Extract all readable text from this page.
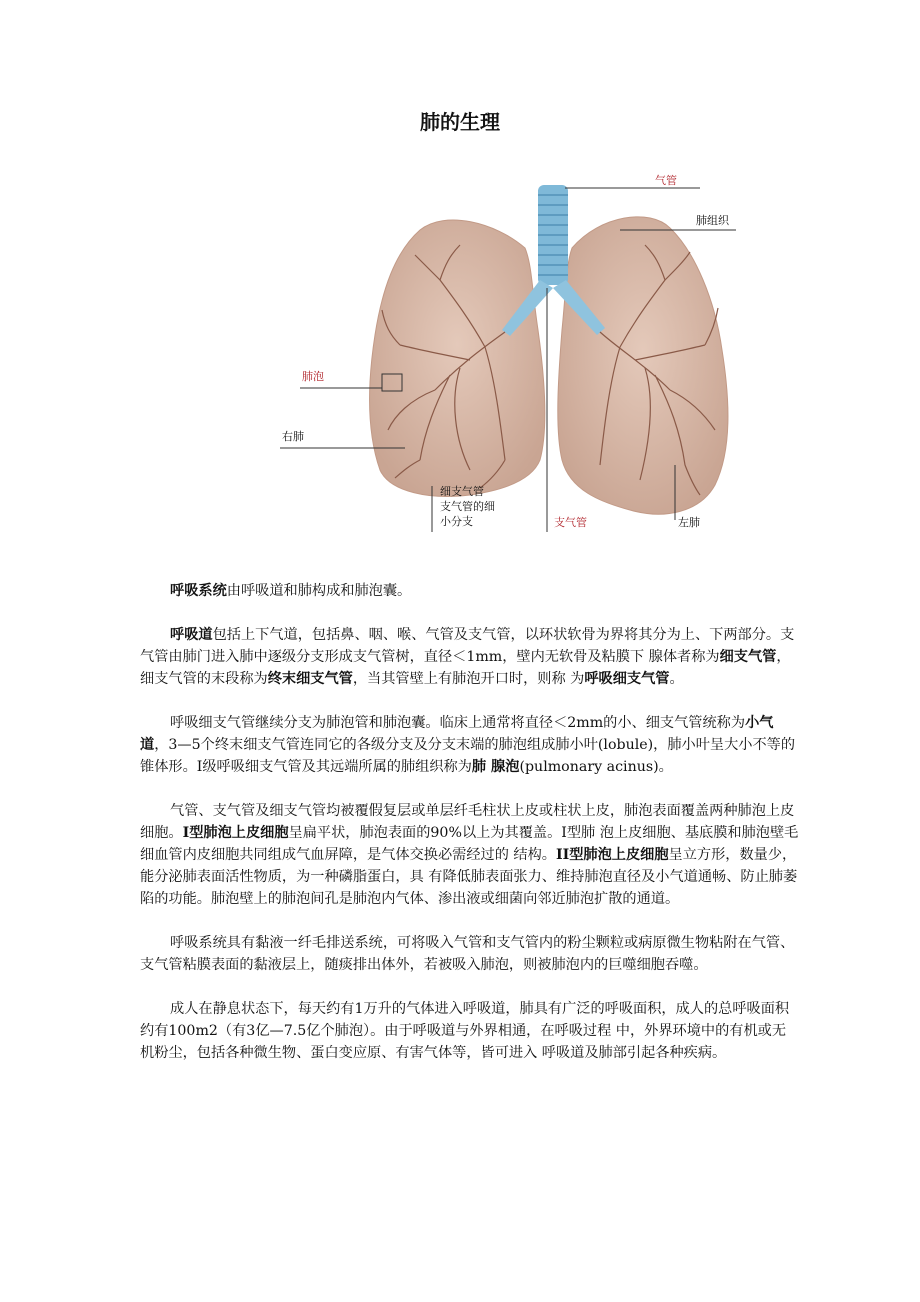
肺的生理
气管
肺组织
肺泡
右肺
细支气管
支气管的细
小分支	支气管	左肺

呼吸系统由呼吸道和肺构成和肺泡囊。

呼吸道包括上下气道，包括鼻、咽、喉、气管及支气管，以环状软骨为界将其分为上、下两部分。支气管由肺门进入肺中逐级分支形成支气管树，直径＜1mm，壁内无软骨及粘膜下 腺体者称为细支气管，细支气管的末段称为终末细支气管，当其管壁上有肺泡开口时，则称 为呼吸细支气管。

呼吸细支气管继续分支为肺泡管和肺泡囊。临床上通常将直径＜2mm的小、细支气管统称为小气道，3—5个终末细支气管连同它的各级分支及分支末端的肺泡组成肺小叶(lobule)，肺小叶呈大小不等的锥体形。I级呼吸细支气管及其远端所属的肺组织称为肺 腺泡(pulmonary acinus)。

气管、支气管及细支气管均被覆假复层或单层纤毛柱状上皮或柱状上皮，肺泡表面覆盖两种肺泡上皮细胞。I型肺泡上皮细胞呈扁平状，肺泡表面的90%以上为其覆盖。I型肺 泡上皮细胞、基底膜和肺泡壁毛细血管内皮细胞共同组成气血屏障，是气体交换必需经过的 结构。II型肺泡上皮细胞呈立方形，数量少，能分泌肺表面活性物质，为一种磷脂蛋白，具 有降低肺表面张力、维持肺泡直径及小气道通畅、防止肺萎陷的功能。肺泡壁上的肺泡间孔是肺泡内气体、渗出液或细菌向邻近肺泡扩散的通道。

呼吸系统具有黏液一纤毛排送系统，可将吸入气管和支气管内的粉尘颗粒或病原微生物粘附在气管、支气管粘膜表面的黏液层上，随痰排出体外，若被吸入肺泡，则被肺泡内的巨噬细胞吞噬。

成人在静息状态下，每天约有1万升的气体进入呼吸道，肺具有广泛的呼吸面积，成人的总呼吸面积约有100m2（有3亿—7.5亿个肺泡）。由于呼吸道与外界相通，在呼吸过程 中，外界环境中的有机或无机粉尘，包括各种微生物、蛋白变应原、有害气体等，皆可进入 呼吸道及肺部引起各种疾病。
